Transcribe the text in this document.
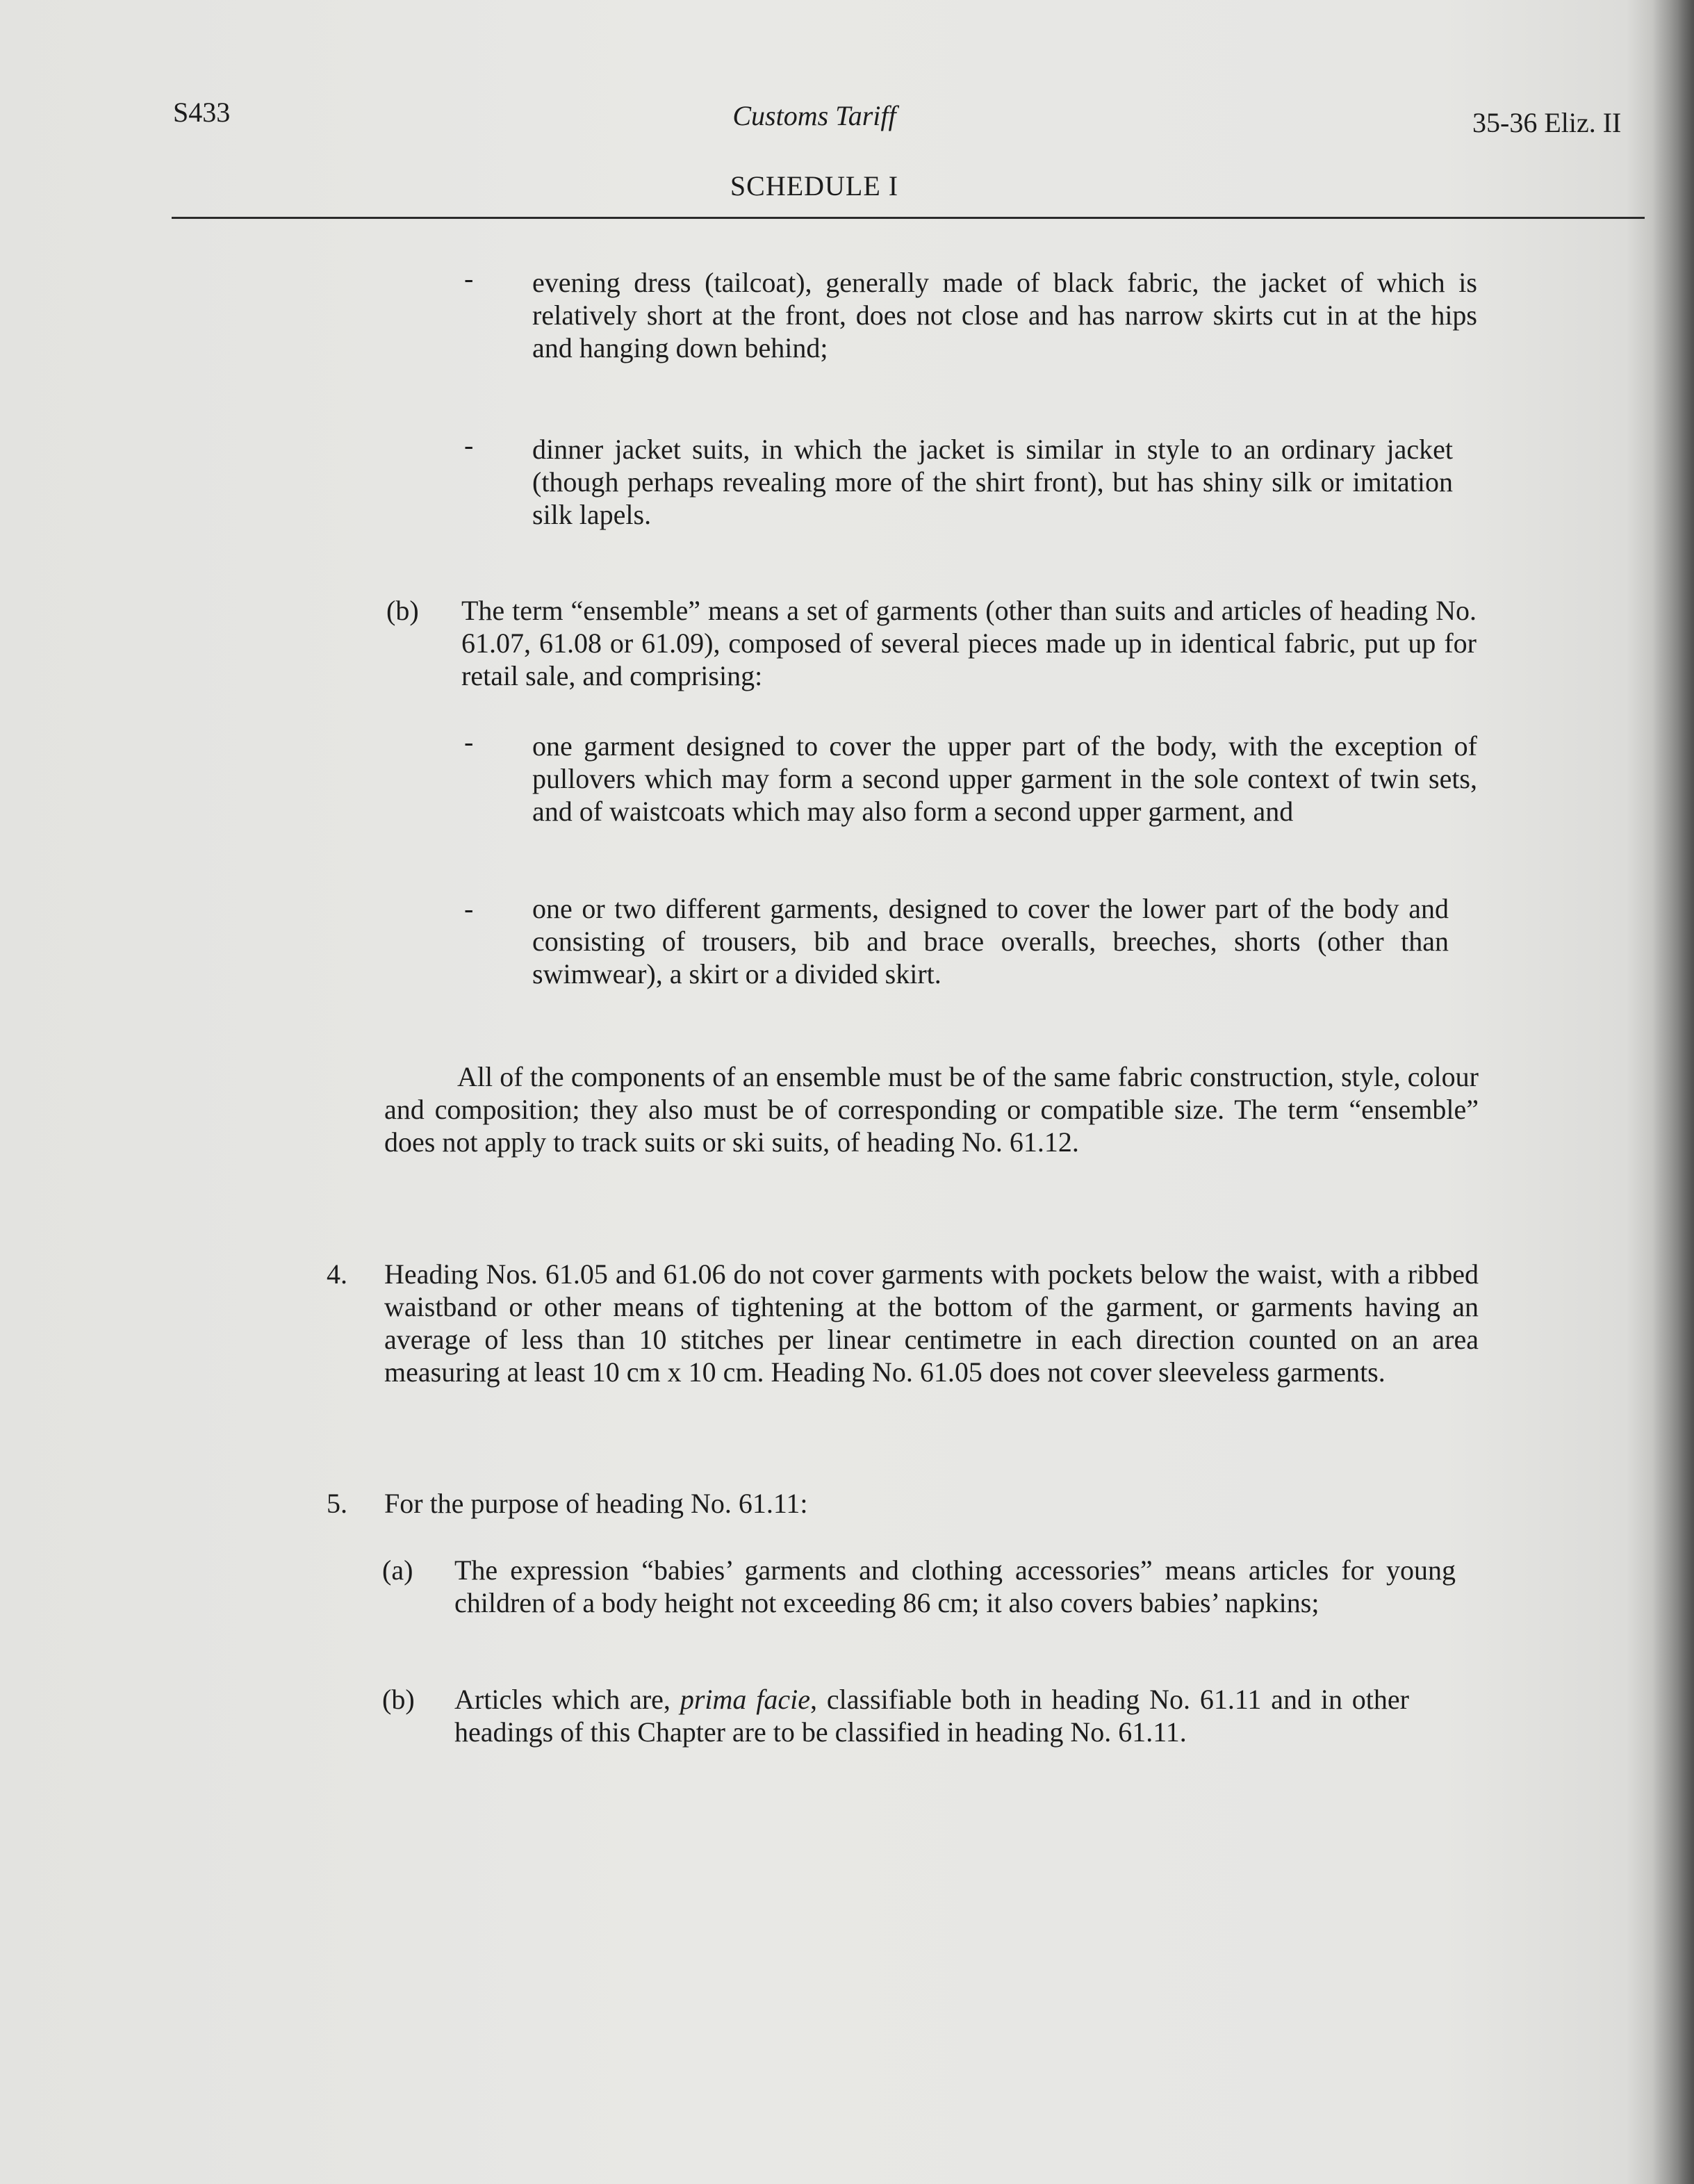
S433	Customs Tariff	35-36 Eliz. II
SCHEDULE I
- evening dress (tailcoat), generally made of black fabric, the jacket of which is relatively short at the front, does not close and has narrow skirts cut in at the hips and hanging down behind;
- dinner jacket suits, in which the jacket is similar in style to an ordinary jacket (though perhaps revealing more of the shirt front), but has shiny silk or imitation silk lapels.
(b) The term “ensemble” means a set of garments (other than suits and articles of heading No. 61.07, 61.08 or 61.09), composed of several pieces made up in identical fabric, put up for retail sale, and comprising:
- one garment designed to cover the upper part of the body, with the exception of pullovers which may form a second upper garment in the sole context of twin sets, and of waistcoats which may also form a second upper garment, and
- one or two different garments, designed to cover the lower part of the body and consisting of trousers, bib and brace overalls, breeches, shorts (other than swimwear), a skirt or a divided skirt.
All of the components of an ensemble must be of the same fabric construction, style, colour and composition; they also must be of corresponding or compatible size. The term “ensemble” does not apply to track suits or ski suits, of heading No. 61.12.
4. Heading Nos. 61.05 and 61.06 do not cover garments with pockets below the waist, with a ribbed waistband or other means of tightening at the bottom of the garment, or garments having an average of less than 10 stitches per linear centimetre in each direction counted on an area measuring at least 10 cm x 10 cm. Heading No. 61.05 does not cover sleeveless garments.
5. For the purpose of heading No. 61.11:
(a) The expression “babies’ garments and clothing accessories” means articles for young children of a body height not exceeding 86 cm; it also covers babies’ napkins;
(b) Articles which are, prima facie, classifiable both in heading No. 61.11 and in other headings of this Chapter are to be classified in heading No. 61.11.
